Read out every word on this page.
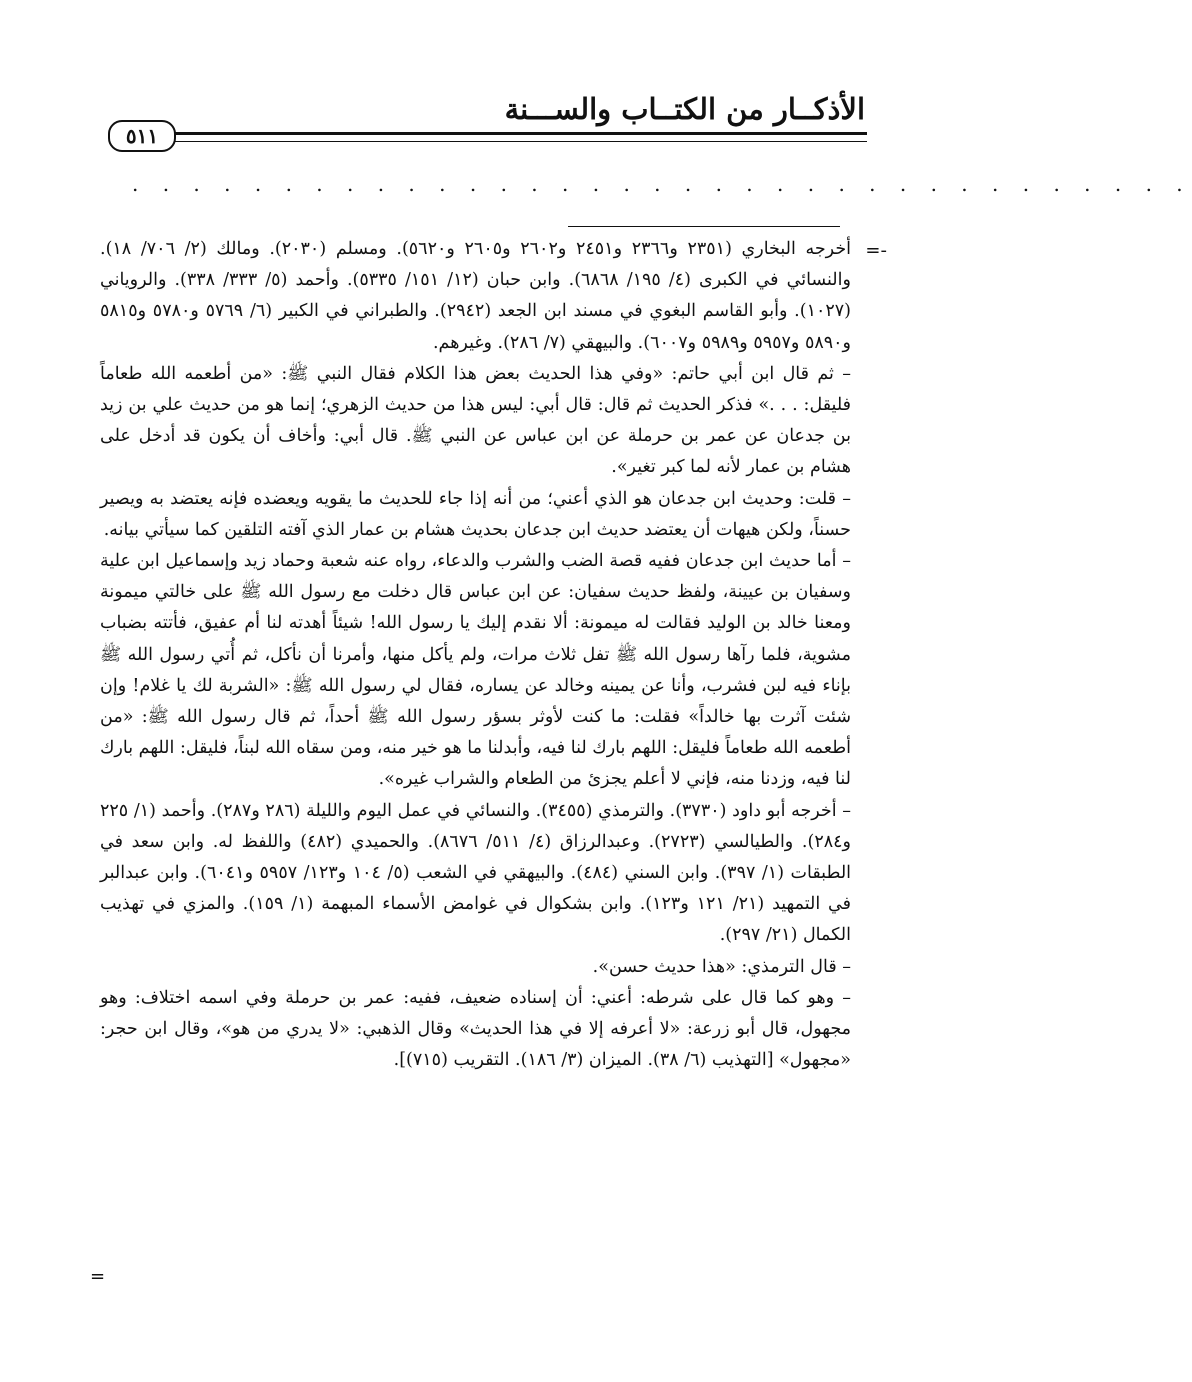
الأذكــار من الكتــاب والســـنة
٥١١
. . . . . . . . . . . . . . . . . . . . . . . . . . . . . . . . . . .
=-

أخرجه البخاري (٢٣٥١ و٢٣٦٦ و٢٤٥١ و٢٦٠٢ و٢٦٠٥ و٥٦٢٠). ومسلم (٢٠٣٠). ومالك (٢/ ٧٠٦/ ١٨). والنسائي في الكبرى (٤/ ١٩٥/ ٦٨٦٨). وابن حبان (١٢/ ١٥١/ ٥٣٣٥). وأحمد (٥/ ٣٣٣/ ٣٣٨). والروياني (١٠٢٧). وأبو القاسم البغوي في مسند ابن الجعد (٢٩٤٢). والطبراني في الكبير (٦/ ٥٧٦٩ و٥٧٨٠ و٥٨١٥ و٥٨٩٠ و٥٩٥٧ و٥٩٨٩ و٦٠٠٧). والبيهقي (٧/ ٢٨٦). وغيرهم.

– ثم قال ابن أبي حاتم: «وفي هذا الحديث بعض هذا الكلام فقال النبي ﷺ: «من أطعمه الله طعاماً فليقل: . . .» فذكر الحديث ثم قال: قال أبي: ليس هذا من حديث الزهري؛ إنما هو من حديث علي بن زيد بن جدعان عن عمر بن حرملة عن ابن عباس عن النبي ﷺ. قال أبي: وأخاف أن يكون قد أدخل على هشام بن عمار لأنه لما كبر تغير».

– قلت: وحديث ابن جدعان هو الذي أعني؛ من أنه إذا جاء للحديث ما يقويه ويعضده فإنه يعتضد به ويصير حسناً، ولكن هيهات أن يعتضد حديث ابن جدعان بحديث هشام بن عمار الذي آفته التلقين كما سيأتي بيانه.

– أما حديث ابن جدعان ففيه قصة الضب والشرب والدعاء، رواه عنه شعبة وحماد زيد وإسماعيل ابن علية وسفيان بن عيينة، ولفظ حديث سفيان: عن ابن عباس قال دخلت مع رسول الله ﷺ على خالتي ميمونة ومعنا خالد بن الوليد فقالت له ميمونة: ألا نقدم إليك يا رسول الله! شيئاً أهدته لنا أم عفيق، فأتته بضباب مشوية، فلما رآها رسول الله ﷺ تفل ثلاث مرات، ولم يأكل منها، وأمرنا أن نأكل، ثم أُتي رسول الله ﷺ بإناء فيه لبن فشرب، وأنا عن يمينه وخالد عن يساره، فقال لي رسول الله ﷺ: «الشربة لك يا غلام! وإن شئت آثرت بها خالداً» فقلت: ما كنت لأوثر بسؤر رسول الله ﷺ أحداً، ثم قال رسول الله ﷺ: «من أطعمه الله طعاماً فليقل: اللهم بارك لنا فيه، وأبدلنا ما هو خير منه، ومن سقاه الله لبناً، فليقل: اللهم بارك لنا فيه، وزدنا منه، فإني لا أعلم يجزئ من الطعام والشراب غيره».

– أخرجه أبو داود (٣٧٣٠). والترمذي (٣٤٥٥). والنسائي في عمل اليوم والليلة (٢٨٦ و٢٨٧). وأحمد (١/ ٢٢٥ و٢٨٤). والطيالسي (٢٧٢٣). وعبدالرزاق (٤/ ٥١١/ ٨٦٧٦). والحميدي (٤٨٢) واللفظ له. وابن سعد في الطبقات (١/ ٣٩٧). وابن السني (٤٨٤). والبيهقي في الشعب (٥/ ١٠٤ و١٢٣/ ٥٩٥٧ و٦٠٤١). وابن عبدالبر في التمهيد (٢١/ ١٢١ و١٢٣). وابن بشكوال في غوامض الأسماء المبهمة (١/ ١٥٩). والمزي في تهذيب الكمال (٢١/ ٢٩٧).

– قال الترمذي: «هذا حديث حسن».

– وهو كما قال على شرطه: أعني: أن إسناده ضعيف، ففيه: عمر بن حرملة وفي اسمه اختلاف: وهو مجهول، قال أبو زرعة: «لا أعرفه إلا في هذا الحديث» وقال الذهبي: «لا يدري من هو»، وقال ابن حجر: «مجهول» [التهذيب (٦/ ٣٨). الميزان (٣/ ١٨٦). التقريب (٧١٥)].

=
